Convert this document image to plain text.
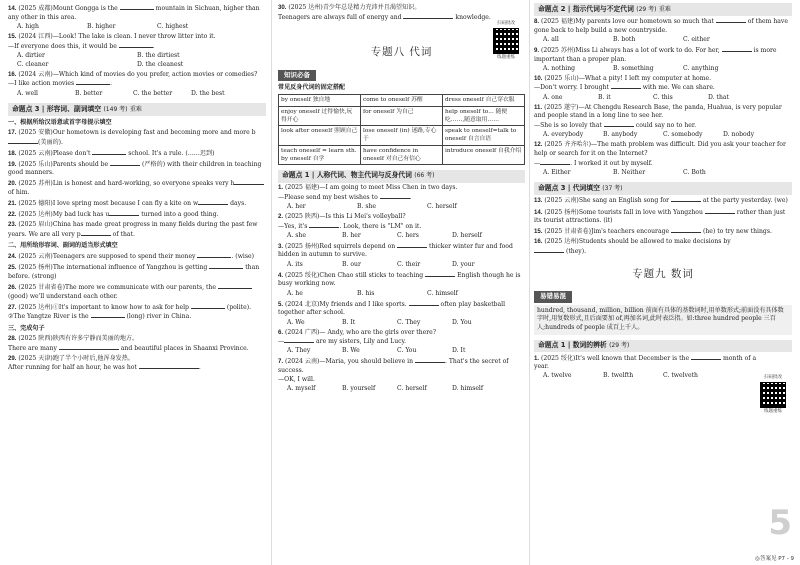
14. (2025 成都)Mount Gongga is the	mountain in Sichuan, higher than any other in this area.

A. high	B. higher	C. highest

15. (2024 江西)—Look! The lake is clean. I never throw litter into it.
—If everyone does this, it would be	.

A. dirtier	B. the dirtiest
C. cleaner	D. the cleanest

16. (2024 云南)—Which kind of movies do you prefer, action movies or comedies?
—I like action movies	.

A. well	B. better	C. the better	D. the best
命题点 3 | 形容词、副词填空 (149 考) 重难

一、根据所给汉语意或首字母提示填空

17. (2025 安徽)Our hometown is developing fast and becoming more and more b(美丽的).

18. (2025 云南)Please don't	school. It's a rule. (……迟到)

19. (2025 乐山)Parents should be	(严格的) with their children in teaching good manners.

20. (2025 苏州)Lin is honest and hard-working, so everyone speaks very h of him.

21. (2025 德阳)I love spring most because I can fly a kite on w	days.

22. (2025 达州)My bad luck has u	turned into a good thing.

23. (2025 眉山)China has made great progress in many fields during the past few years. We are all very p	of that.

二、用所给形容词、副词的适当形式填空

24. (2025 云南)Teenagers are supposed to spend their money	. (wise)

25. (2025 扬州)The international influence of Yangzhou is getting	than before. (strong)

26. (2025 甘肃省卷)The more we communicate with our parents, the  (good) we'll understand each other.

27. (2025 达州)①It's important to know how to ask for help	(polite).
②The Yangtze River is the	(long) river in China.

三、完成句子

28. (2025 陕西)陕西有许多宁静而美丽的地方。
There are many	and beautiful places in Shaanxi Province.

29. (2025 天津)跑了半个小时后,他浑身发热。
After running for half an hour, he was hot	.

30. (2025 达州)青少年总是精力充沛并且渴望知识。
Teenagers are always full of energy and	knowledge.

扫码批改
练题重练
专题八 代词
知识必备

常见反身代词的固定搭配

by oneself 独自地	come to oneself 苏醒	dress oneself 自己穿衣服
enjoy oneself 过得愉快,玩得开心	for oneself 为自己	help oneself to... 随便吃……,随意取用……
look after oneself 照顾自己	lose oneself (in) 迷路,专心于	speak to oneself=talk to oneself 自言自语
teach oneself = learn sth. by oneself 自学	have confidence in oneself 对自己有信心	introduce oneself 自我介绍
命题点 1 | 人称代词、物主代词与反身代词 (66 考)

1. (2025 福建)—I am going to meet Miss Chen in two days.
—Please send my best wishes to	.

A. her	B. she	C. herself

2. (2025 陕西)—Is this Li Mei's volleyball?
—Yes, it's	. Look, there is "LM" on it.

A. she	B. her	C. hers	D. herself

3. (2025 扬州)Red squirrels depend on	thicker winter fur and food hidden in autumn to survive.

A. its	B. our	C. their	D. your

4. (2025 绥化)Chen Chao still sticks to teaching	English though he is busy working now.

A. he	B. his	C. himself

5. (2024 北京)My friends and I like sports.	often play basketball together after school.

A. We	B. It	C. They	D. You

6. (2024 广西)— Andy, who are the girls over there?
—	are my sisters, Lily and Lucy.

A. They	B. We	C. You	D. It

7. (2024 云南)—Maria, you should believe in	. That's the secret of success.
—OK, I will.

A. myself	B. yourself	C. herself	D. himself
命题点 2 | 指示代词与不定代词 (29 考) 重难

8. (2025 福建)My parents love our hometown so much that	of them have gone back to help build a new countryside.

A. all	B. both	C. either

9. (2025 苏州)Miss Li always has a lot of work to do. For her,	is more important than a proper plan.

A. nothing	B. something	C. anything

10. (2025 乐山)—What a pity! I left my computer at home.
—Don't worry. I brought	with me. We can share.

A. one	B. it	C. this	D. that

11. (2025 遂宁)—At Chengdu Research Base, the panda, Huahua, is very popular and people stand in a long line to see her.
—She is so lovely that	could say no to her.

A. everybody	B. anybody	C. somebody	D. nobody

12. (2025 齐齐哈尔)—The math problem was difficult. Did you ask your teacher for help or search for it on the Internet?
—	. I worked it out by myself.

A. Either	B. Neither	C. Both
命题点 3 | 代词填空 (37 考)

13. (2025 云南)She sang an English song for	at the party yesterday. (we)

14. (2025 扬州)Some tourists fall in love with Yangzhou	rather than just its tourist attractions. (it)

15. (2025 甘肃省卷)Jim's teachers encourage	(he) to try new things.

16. (2025 达州)Students should be allowed to make decisions by  (they).

扫码批改
练题重练
专题九 数词
易错易混

hundred, thousand, million, billion 前面有具体的基数词时,用单数形式;前面没有具体数字时,用复数形式,且后面要加 of,再加名词,此时表泛指。如:three hundred people 三百人;hundreds of people 成百上千人。

命题点 1 | 数词的辨析 (29 考)

1. (2025 绥化)It's well known that December is the	month of a year.

A. twelve	B. twelfth	C. twelveth
5
◎答案见 P7 - 9
